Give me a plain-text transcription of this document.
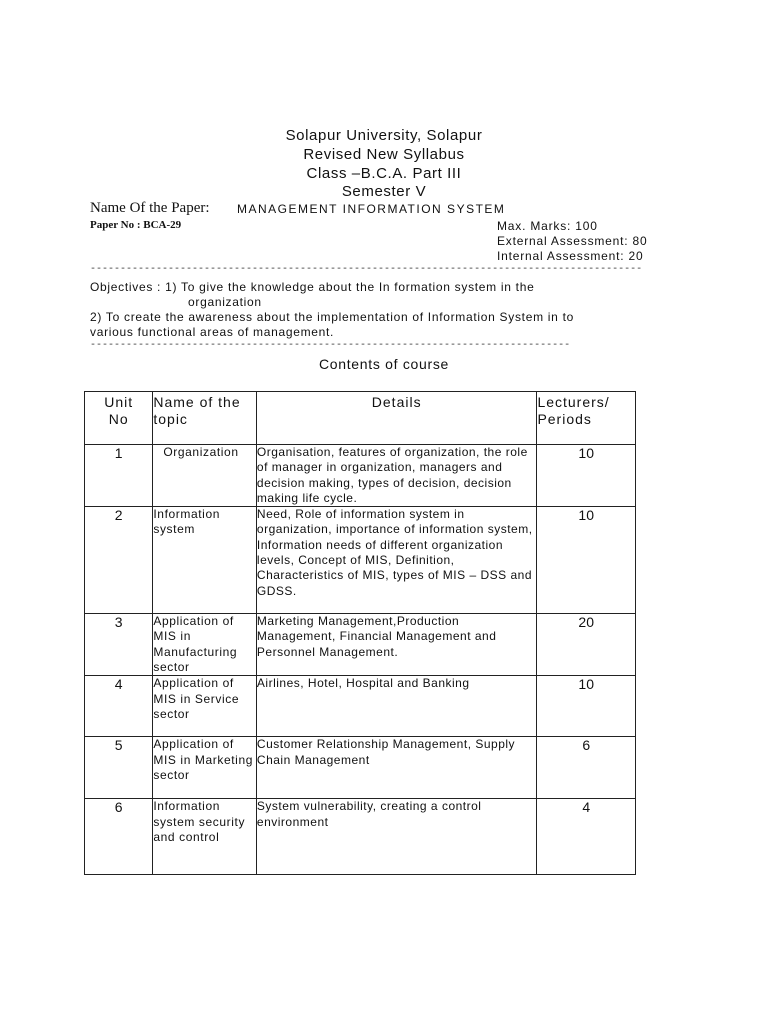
Solapur University, Solapur
Revised New Syllabus
Class –B.C.A. Part III
Semester V
Name Of the Paper: MANAGEMENT INFORMATION SYSTEM
Paper No : BCA-29	Max. Marks: 100
External Assessment: 80
Internal Assessment: 20
--------------------------------------------------------------------------------------------
Objectives : 1) To give the knowledge about the In formation system in the
organization
2) To create the awareness about the implementation of Information System in to
various functional areas of management.
--------------------------------------------------------------------------------
Contents of course
Unit No	Name of the topic	Details	Lecturers/ Periods
1	Organization	Organisation, features of organization, the role of manager in organization, managers and decision making, types of decision, decision making life cycle.	10
2	Information system	Need, Role of information system in organization, importance of information system, Information needs of different organization levels, Concept of MIS, Definition, Characteristics of MIS, types of MIS – DSS and GDSS.	10
3	Application of MIS in Manufacturing sector	Marketing Management,Production Management, Financial Management and Personnel Management.	20
4	Application of MIS in Service sector	Airlines, Hotel, Hospital and Banking	10
5	Application of MIS in Marketing sector	Customer Relationship Management, Supply Chain Management	6
6	Information system security and control	System vulnerability, creating a control environment	4
